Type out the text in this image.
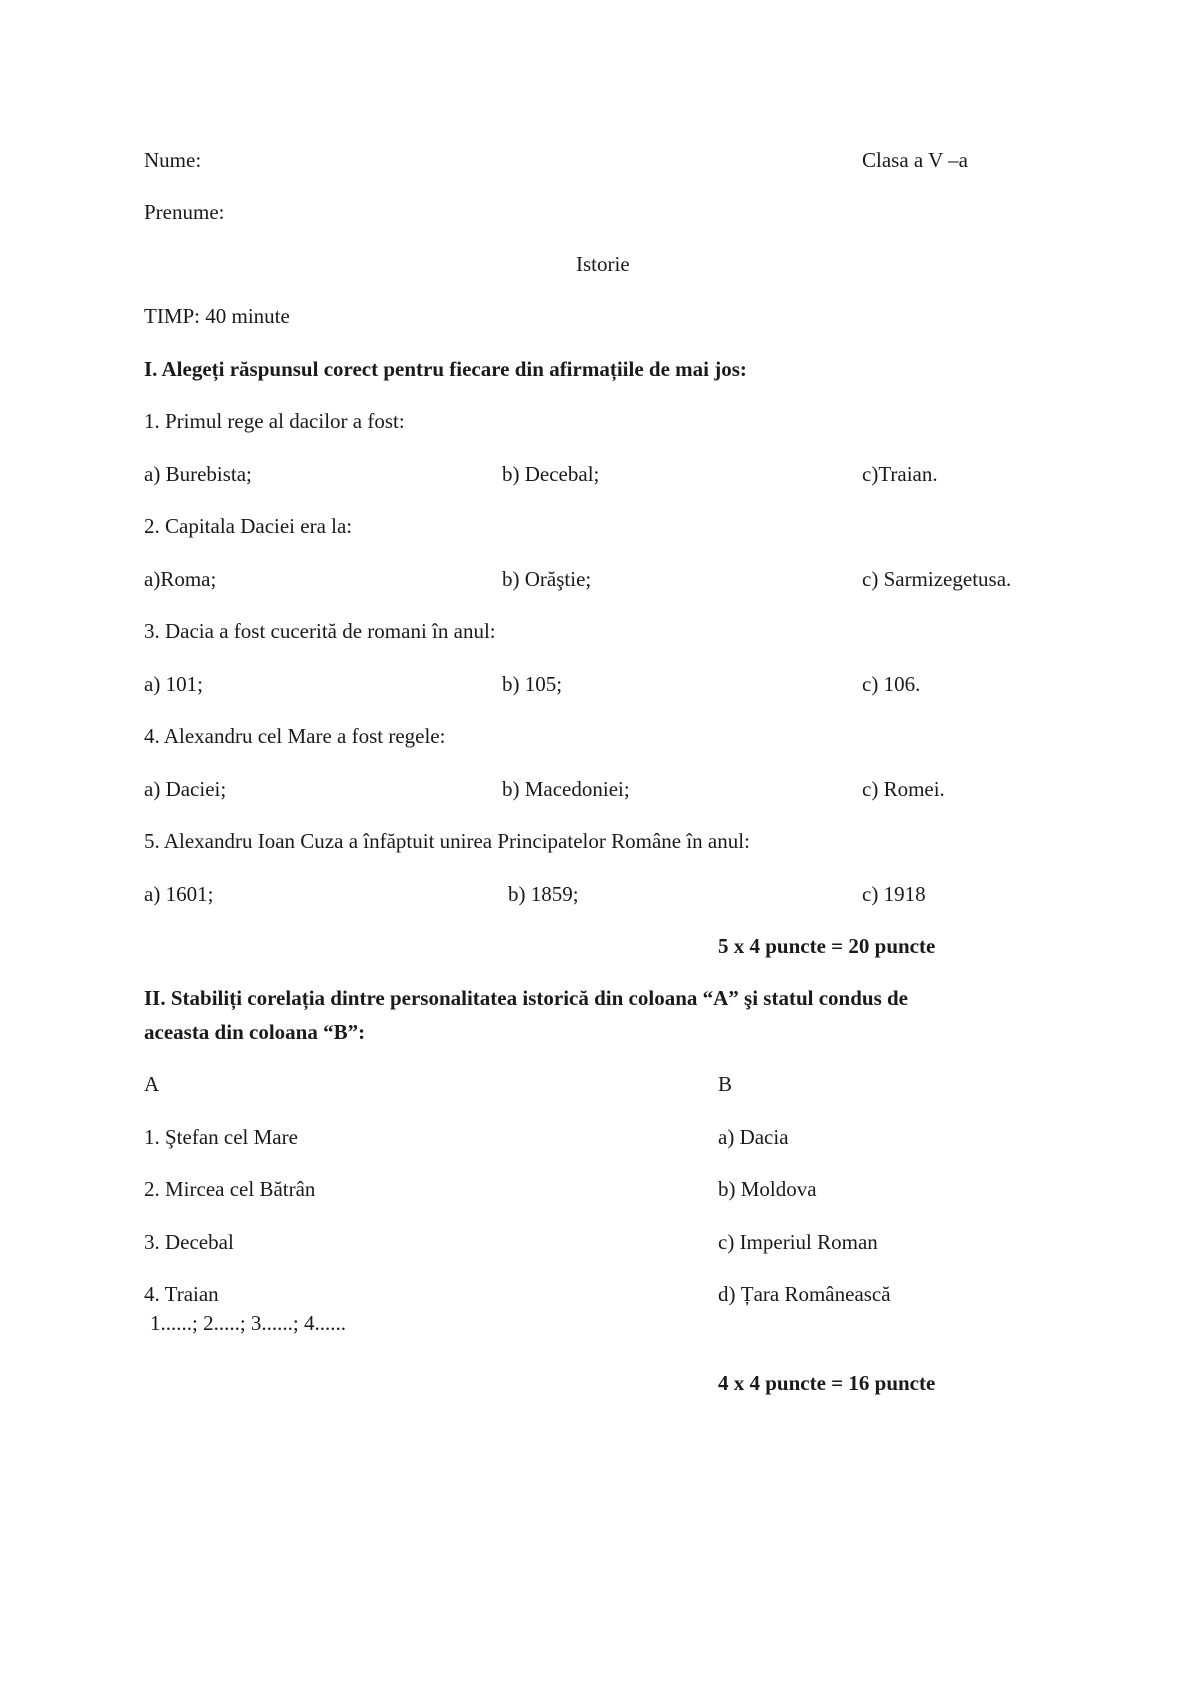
Nume:	Clasa a V –a
Prenume:
Istorie
TIMP: 40 minute
I. Alegeți răspunsul corect pentru fiecare din afirmațiile de mai jos:
1. Primul rege al dacilor a fost:
a) Burebista;	b) Decebal;	c)Traian.
2. Capitala Daciei era la:
a)Roma;	b) Orăştie;	c) Sarmizegetusa.
3. Dacia a fost cucerită de romani în anul:
a) 101;	b) 105;	c) 106.
4. Alexandru cel Mare a fost regele:
a) Daciei;	b) Macedoniei;	c) Romei.
5. Alexandru Ioan Cuza a înfăptuit unirea Principatelor Române în anul:
a) 1601;	b) 1859;	c) 1918
5 x 4 puncte = 20 puncte
II. Stabiliți corelația dintre personalitatea istorică din coloana “A” şi statul condus de
aceasta din coloana “B”:
A	B
1. Ştefan cel Mare	a) Dacia
2. Mircea cel Bătrân	b) Moldova
3. Decebal	c) Imperiul Roman
4. Traian	d) Țara Românească
1......; 2.....; 3......; 4......
4 x 4 puncte = 16 puncte
